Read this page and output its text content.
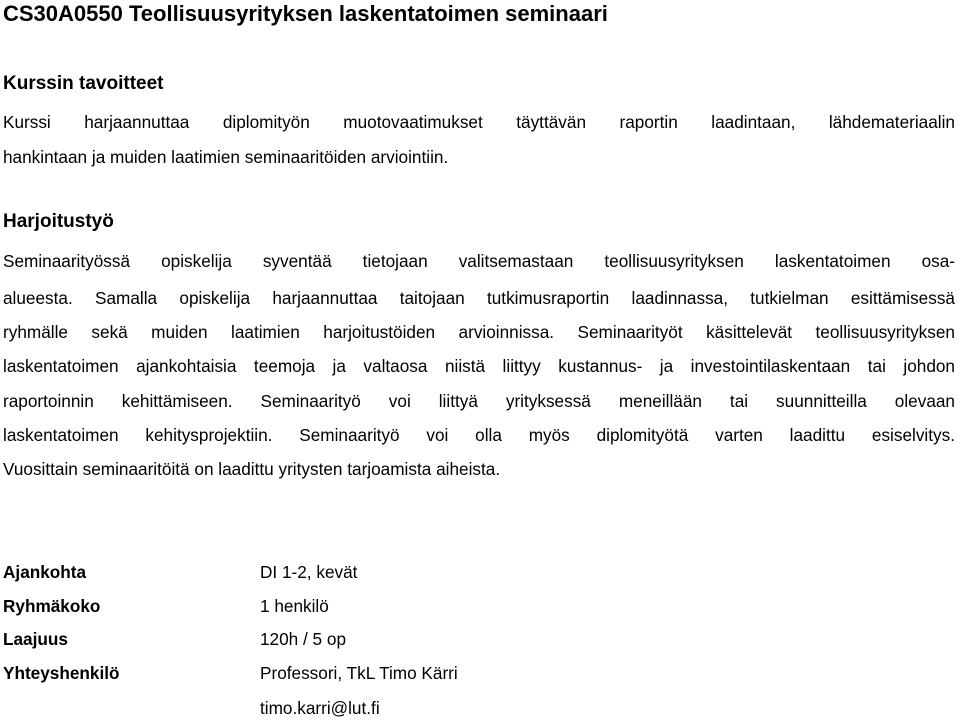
CS30A0550 Teollisuusyrityksen laskentatoimen seminaari
Kurssin tavoitteet
Kurssi harjaannuttaa diplomityön muotovaatimukset täyttävän raportin laadintaan, lähdemateriaalin
hankintaan ja muiden laatimien seminaaritöiden arviointiin.
Harjoitustyö
Seminaarityössä opiskelija syventää tietojaan valitsemastaan teollisuusyrityksen laskentatoimen osa-
alueesta. Samalla opiskelija harjaannuttaa taitojaan tutkimusraportin laadinnassa, tutkielman esittämisessä
ryhmälle sekä muiden laatimien harjoitustöiden arvioinnissa. Seminaarityöt käsittelevät teollisuusyrityksen
laskentatoimen ajankohtaisia teemoja ja valtaosa niistä liittyy kustannus- ja investointilaskentaan tai johdon
raportoinnin kehittämiseen. Seminaarityö voi liittyä yrityksessä meneillään tai suunnitteilla olevaan
laskentatoimen kehitysprojektiin. Seminaarityö voi olla myös diplomityötä varten laadittu esiselvitys.
Vuosittain seminaaritöitä on laadittu yritysten tarjoamista aiheista.
Ajankohta	DI 1-2, kevät
Ryhmäkoko	1 henkilö
Laajuus	120h / 5 op
Yhteyshenkilö	Professori, TkL Timo Kärri
timo.karri@lut.fi
